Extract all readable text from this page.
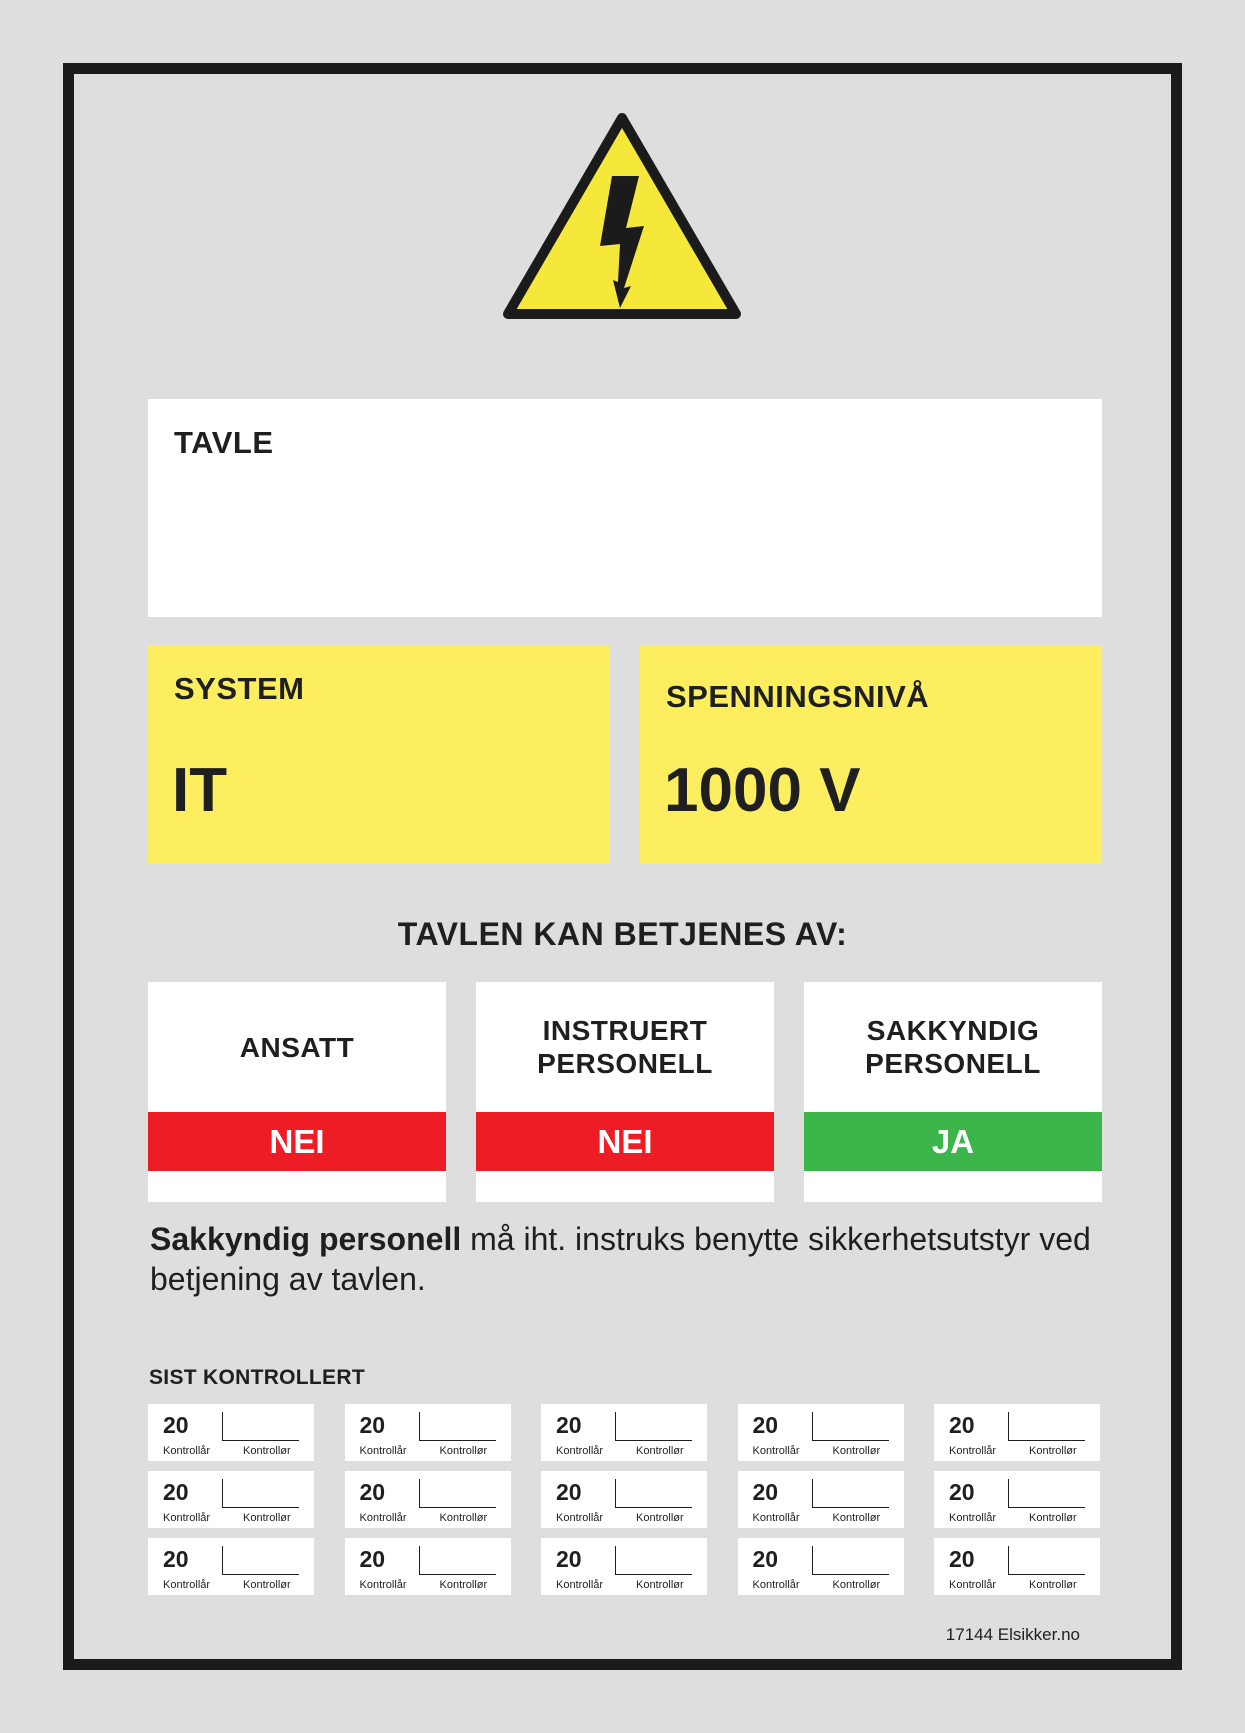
TAVLE
SYSTEM
IT
SPENNINGSNIVÅ
1000 V
TAVLEN KAN BETJENES AV:
ANSATT
NEI
INSTRUERT
PERSONELL
NEI
SAKKYNDIG
PERSONELL
JA
Sakkyndig personell må iht. instruks benytte sikkerhetsutstyr ved betjening av tavlen.
SIST KONTROLLERT
20
Kontrollår	Kontrollør
20
Kontrollår	Kontrollør
20
Kontrollår	Kontrollør
20
Kontrollår	Kontrollør
20
Kontrollår	Kontrollør
20
Kontrollår	Kontrollør
20
Kontrollår	Kontrollør
20
Kontrollår	Kontrollør
20
Kontrollår	Kontrollør
20
Kontrollår	Kontrollør
20
Kontrollår	Kontrollør
20
Kontrollår	Kontrollør
20
Kontrollår	Kontrollør
20
Kontrollår	Kontrollør
20
Kontrollår	Kontrollør
17144 Elsikker.no
